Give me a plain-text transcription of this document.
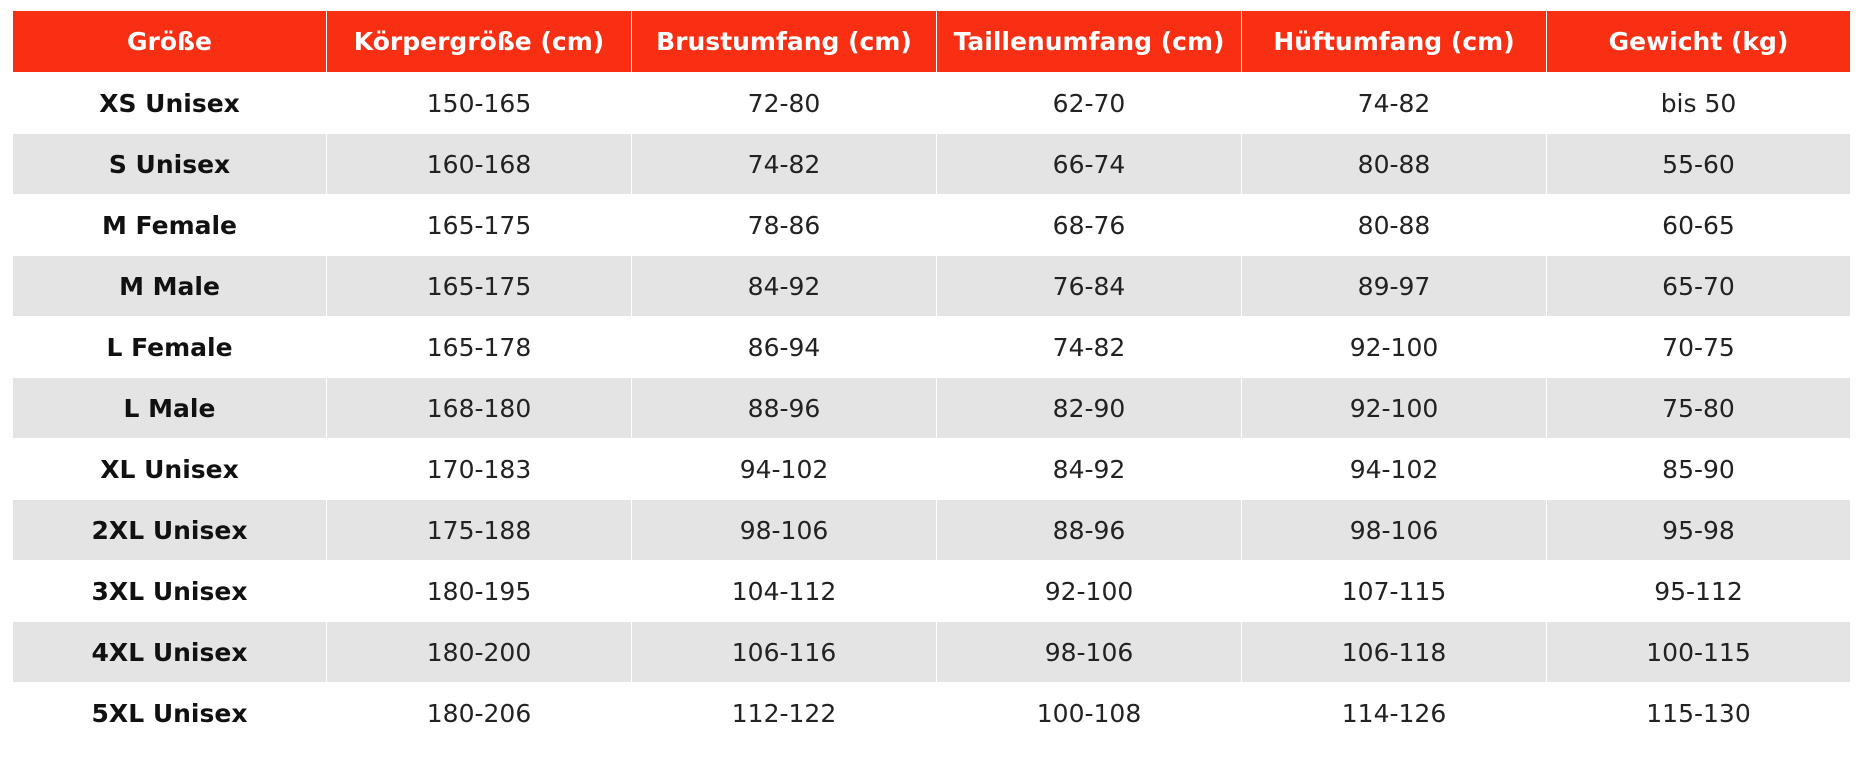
Größe	Körpergröße (cm)	Brustumfang (cm)	Taillenumfang (cm)	Hüftumfang (cm)	Gewicht (kg)
XS Unisex	150-165	72-80	62-70	74-82	bis 50
S Unisex	160-168	74-82	66-74	80-88	55-60
M Female	165-175	78-86	68-76	80-88	60-65
M Male	165-175	84-92	76-84	89-97	65-70
L Female	165-178	86-94	74-82	92-100	70-75
L Male	168-180	88-96	82-90	92-100	75-80
XL Unisex	170-183	94-102	84-92	94-102	85-90
2XL Unisex	175-188	98-106	88-96	98-106	95-98
3XL Unisex	180-195	104-112	92-100	107-115	95-112
4XL Unisex	180-200	106-116	98-106	106-118	100-115
5XL Unisex	180-206	112-122	100-108	114-126	115-130
